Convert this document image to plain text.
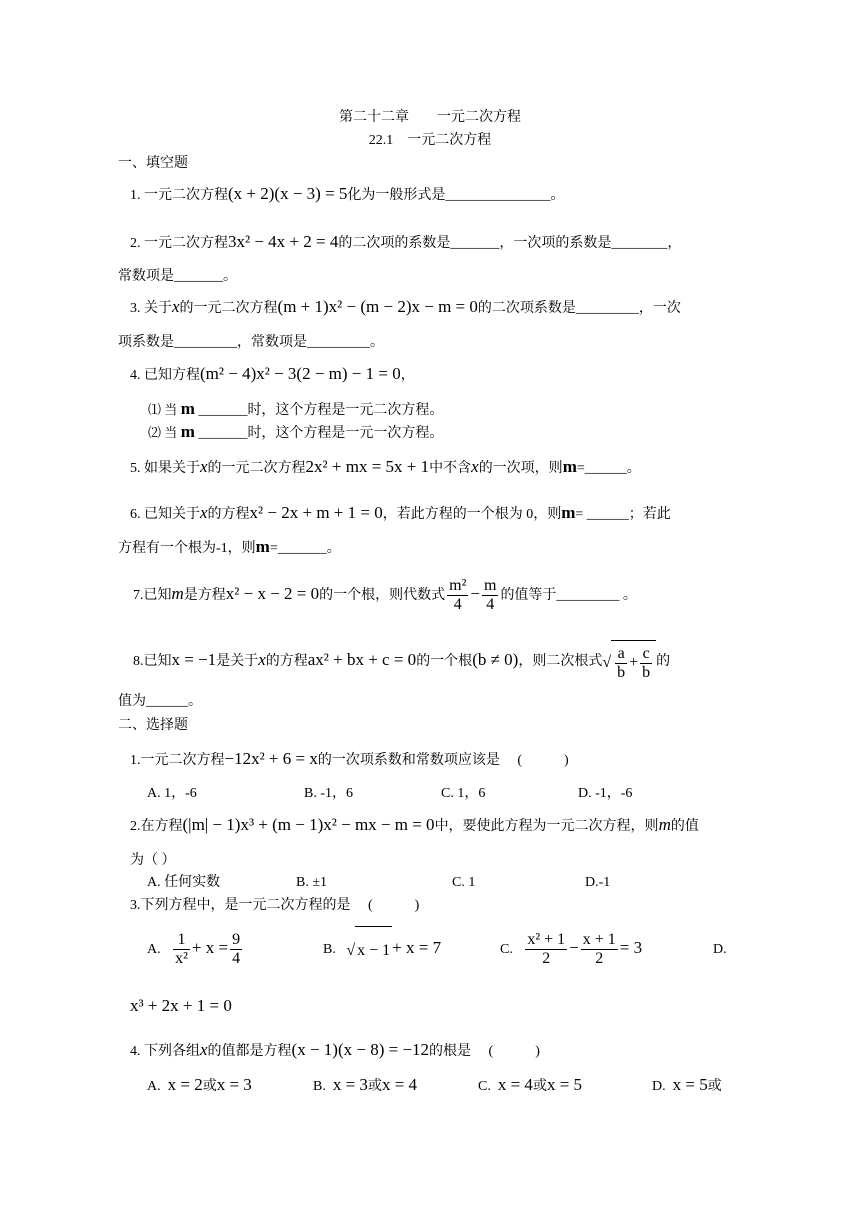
第二十二章　　一元二次方程
22.1　一元二次方程
一、填空题
1. 一元二次方程(x + 2)(x − 3) = 5化为一般形式是_______________。
2. 一元二次方程3x² − 4x + 2 = 4的二次项的系数是_______，一次项的系数是________，
常数项是_______。
3. 关于x的一元二次方程(m + 1)x² − (m − 2)x − m = 0的二次项系数是_________，一次
项系数是_________，常数项是_________。
4. 已知方程(m² − 4)x² − 3(2 − m) − 1 = 0，
⑴ 当 m _______时，这个方程是一元二次方程。
⑵ 当 m _______时，这个方程是一元一次方程。
5. 如果关于x的一元二次方程2x² + mx = 5x + 1中不含x的一次项，则m=______。
6. 已知关于x的方程x² − 2x + m + 1 = 0，若此方程的一个根为 0，则m= ______；若此
方程有一个根为-1，则m=_______。
7.已知m是方程x² − x − 2 = 0的一个根，则代数式 $\frac{\text{m²}}{4} - \frac{m}{4}$ 的值等于_________ 。
8.已知x = −1是关于x的方程ax² + bx + c = 0的一个根(b ≠ 0)，则二次根式√ $\frac{a}{b} + \frac{c}{b}$ 的
值为______。
二、选择题
1.一元二次方程−12x² + 6 = x的一次项系数和常数项应该是　 (　　　)
A. 1，-6	B. -1，6	C. 1，6	D. -1，-6
2.在方程(|m| − 1)x³ + (m − 1)x² − mx − m = 0中，要使此方程为一元二次方程，则m的值
为（ ）
A. 任何实数	B. ±1	C. 1	D.-1
3.下列方程中，是一元二次方程的是　 (　　　)
A. $\frac{1}{\text{x²}} + x = \frac{9}{4}$	B. √ x − 1 + x = 7	C. $\frac{\text{x² + 1}}{2} - \frac{x + 1}{2} = 3$	D.
x³ + 2x + 1 = 0
4. 下列各组x的值都是方程(x − 1)(x − 8) = −12的根是　 (　　　)
A. x = 2或x = 3	B. x = 3或x = 4	C. x = 4或x = 5	D. x = 5或
